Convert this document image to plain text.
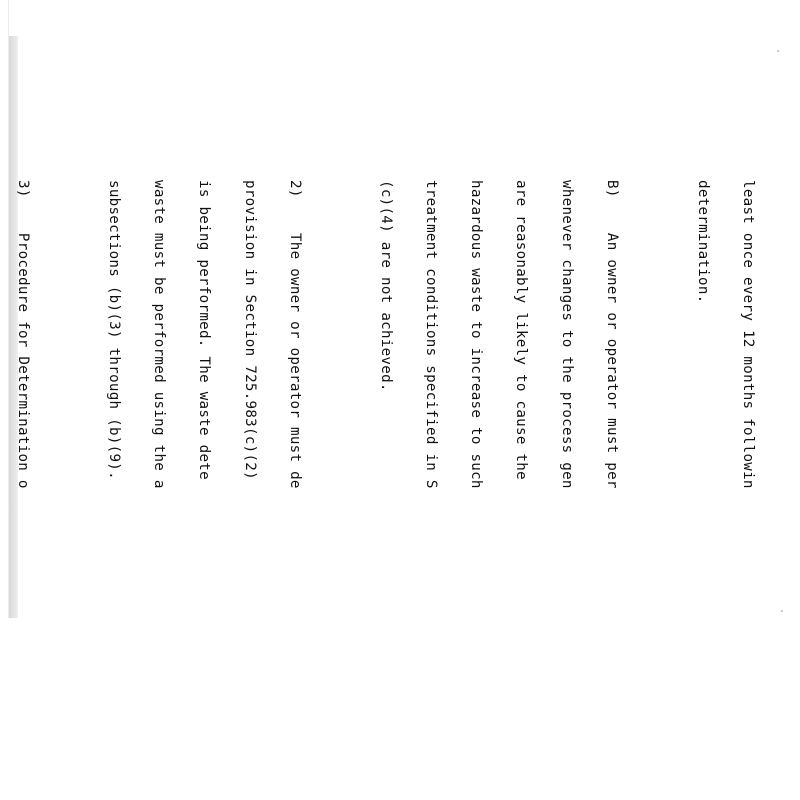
least once every 12 months followin

determination.

B)    An owner or operator must per

whenever changes to the process gen

are reasonably likely to cause the

hazardous waste to increase to such

treatment conditions specified in S

(c)(4) are not achieved.

2)    The owner or operator must de

provision in Section 725.983(c)(2)

is being performed. The waste dete

waste must be performed using the a

subsections (b)(3) through (b)(9).

3)    Procedure for Determination o
